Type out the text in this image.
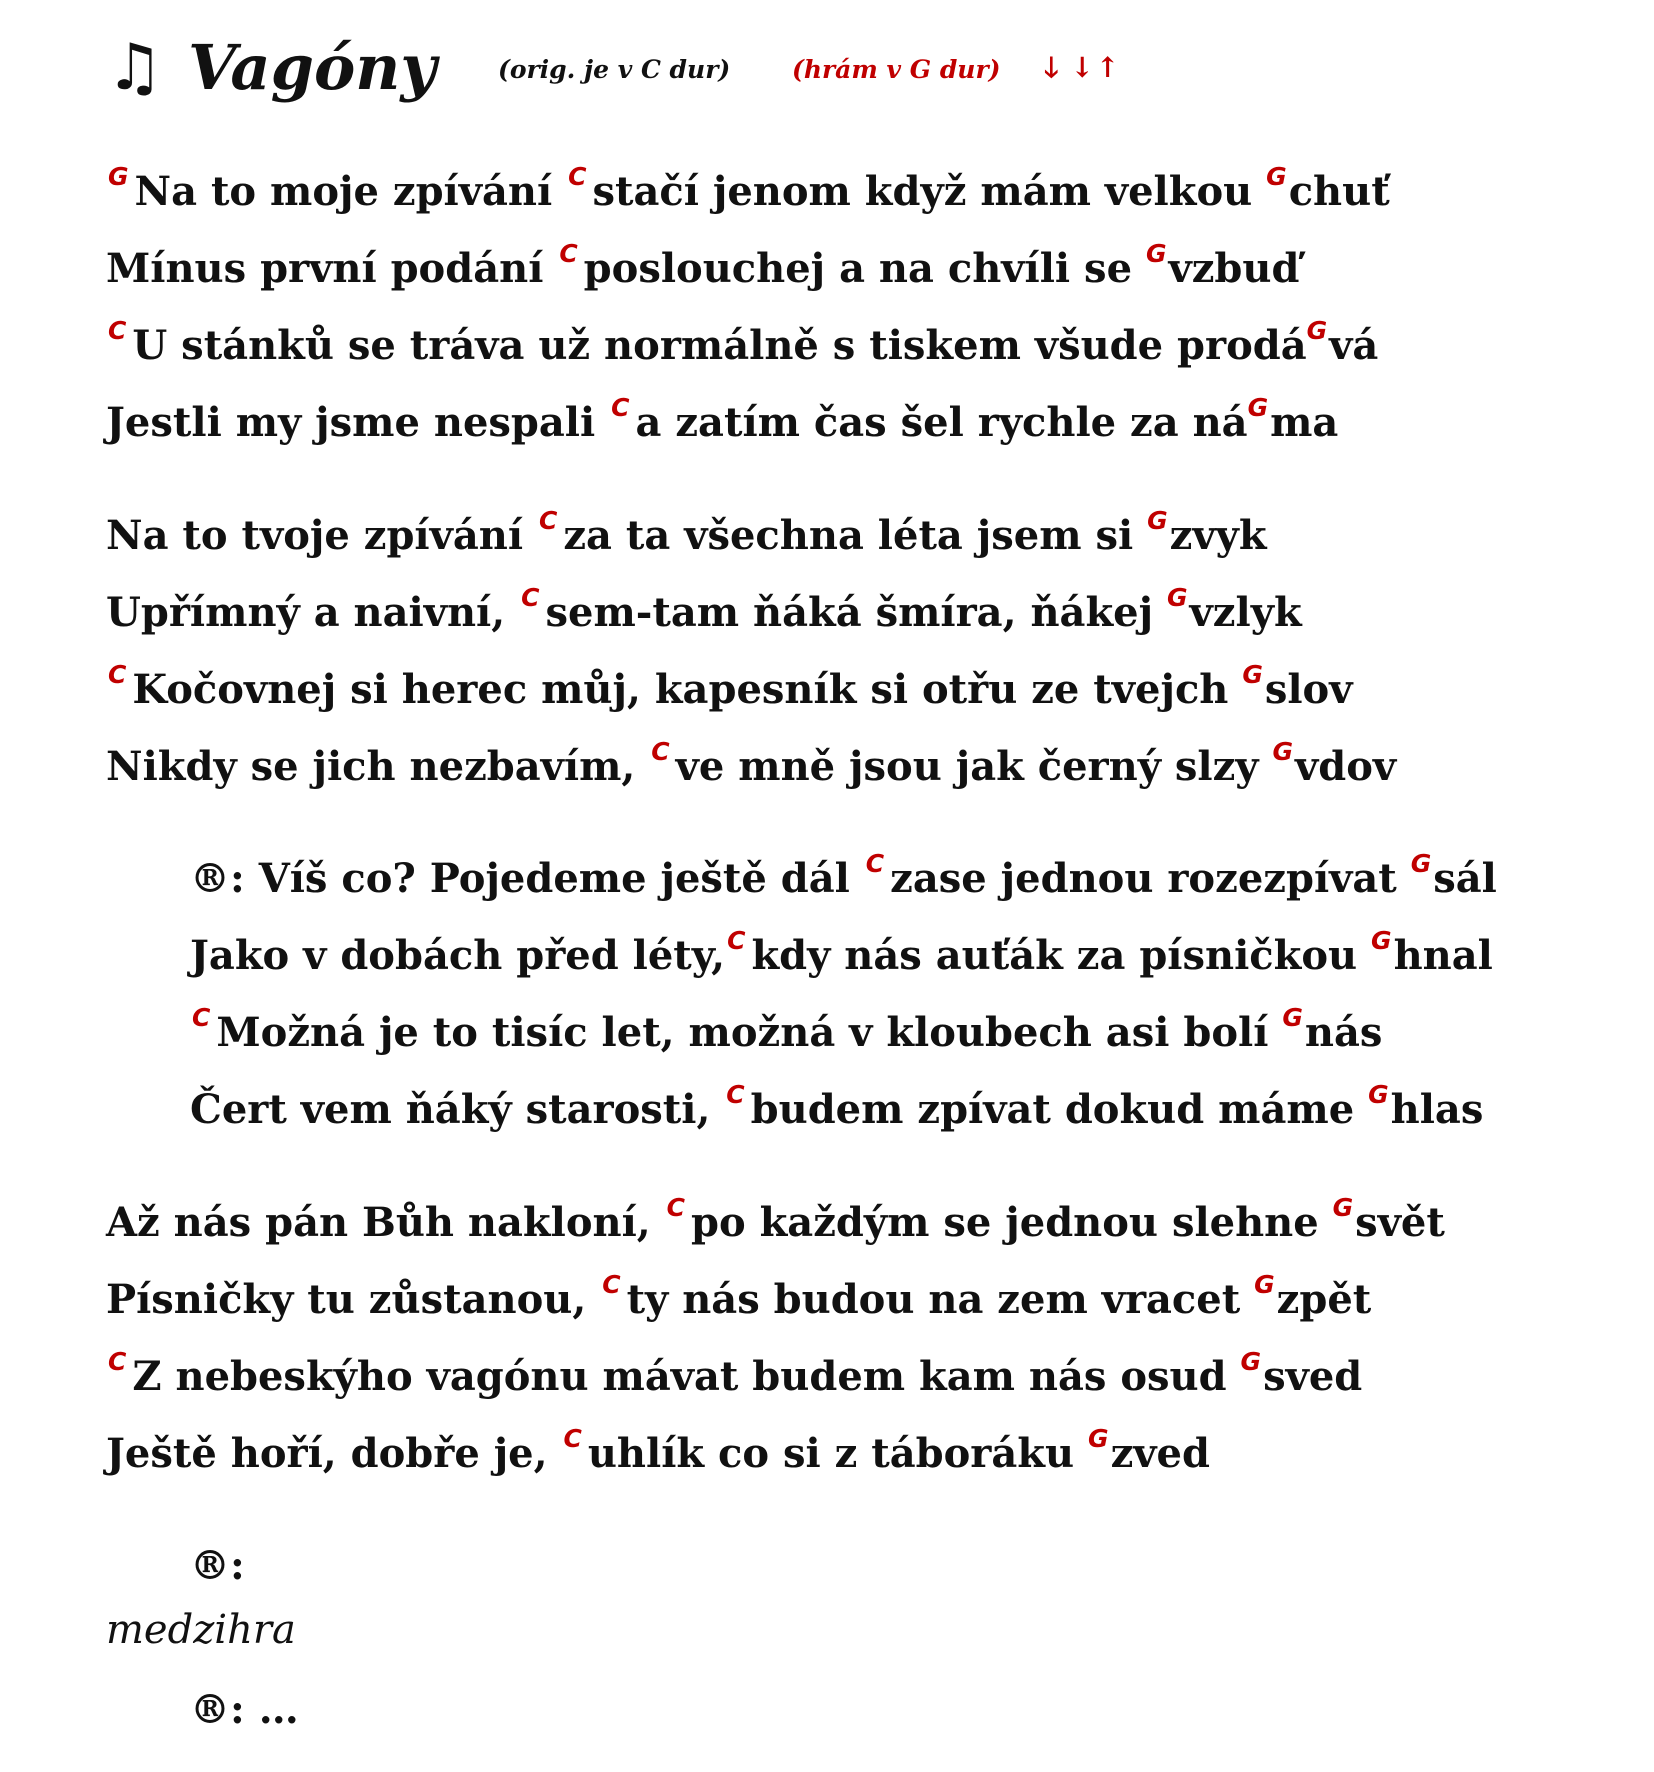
♫ Vagóny (orig. je v C dur) (hrám v G dur) 🡓 ↓↑
$^G$ Na to moje zpívání $^C$ stačí jenom když mám velkou $^G$chuť
Mínus první podání $^C$ poslouchej a na chvíli se $^G$vzbuď
$^C$ U stánků se tráva už normálně s tiskem všude prodá$^G$vá
Jestli my jsme nespali $^C$ a zatím čas šel rychle za $ná^Gma$
Na to tvoje zpívání $^C$ za ta všechna léta jsem si $^G$zvyk
Upřímný a naivní, $^C$ sem-tam ňáká šmíra, ňákej $^G$vzlyk
$^C$ Kočovnej si herec můj, kapesník si otřu ze tvejch $^G$slov
Nikdy se jich nezbavím, $^C$ ve mně jsou jak černý slzy $^G$vdov
®: Víš co? Pojedeme ještě dál $^C$ zase jednou rozezpívat $^G$sál
Jako v dobách před léty,$^C$ kdy nás auťák za písničkou $^G$hnal
$^C$ Možná je to tisíc let, možná v kloubech asi bolí $^G$nás
Čert vem ňáký starosti, $^C$ budem zpívat dokud máme $^G$hlas
Až nás pán Bůh nakloní, $^C$ po každým se jednou slehne $^G$svět
Písničky tu zůstanou, $^C$ ty nás budou na zem vracet $^G$zpět
$^C$ Z nebeskýho vagónu mávat budem kam nás osud $^G$sved
Ještě hoří, dobře je, $^C$ uhlík co si z táboráku $^G$zved
®:
medzihra
®: …
